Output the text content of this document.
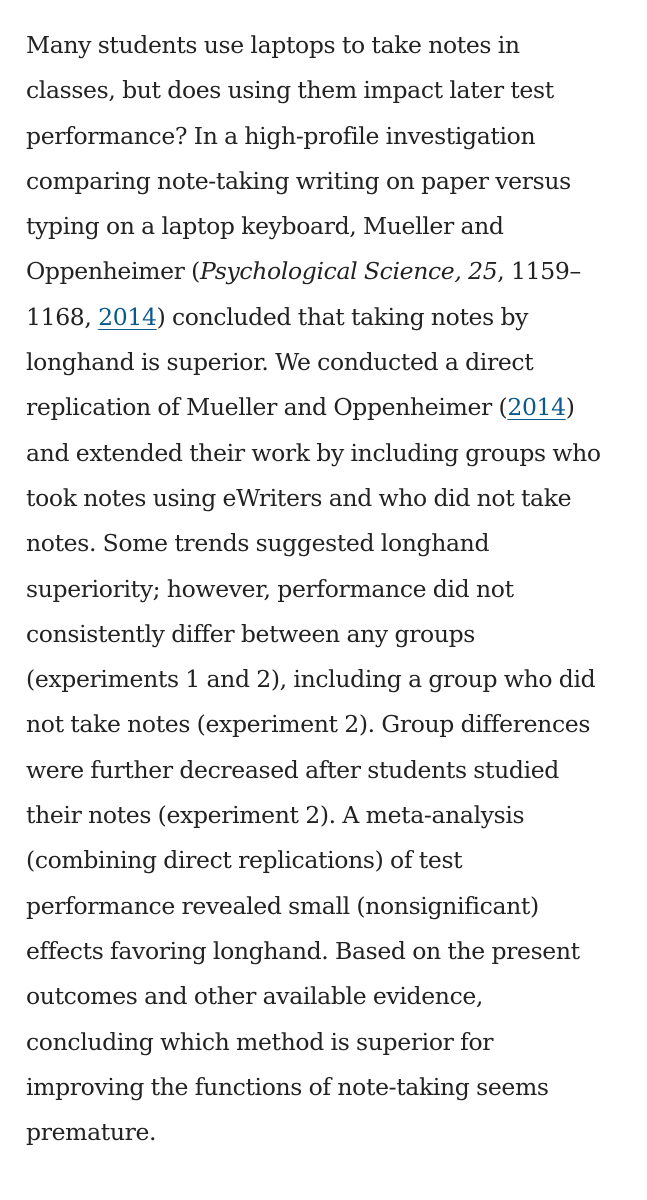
Many students use laptops to take notes in
classes, but does using them impact later test
performance? In a high-profile investigation
comparing note-taking writing on paper versus
typing on a laptop keyboard, Mueller and
Oppenheimer (Psychological Science, 25, 1159–
1168, 2014) concluded that taking notes by
longhand is superior. We conducted a direct
replication of Mueller and Oppenheimer (2014)
and extended their work by including groups who
took notes using eWriters and who did not take
notes. Some trends suggested longhand
superiority; however, performance did not
consistently differ between any groups
(experiments 1 and 2), including a group who did
not take notes (experiment 2). Group differences
were further decreased after students studied
their notes (experiment 2). A meta-analysis
(combining direct replications) of test
performance revealed small (nonsignificant)
effects favoring longhand. Based on the present
outcomes and other available evidence,
concluding which method is superior for
improving the functions of note-taking seems
premature.
